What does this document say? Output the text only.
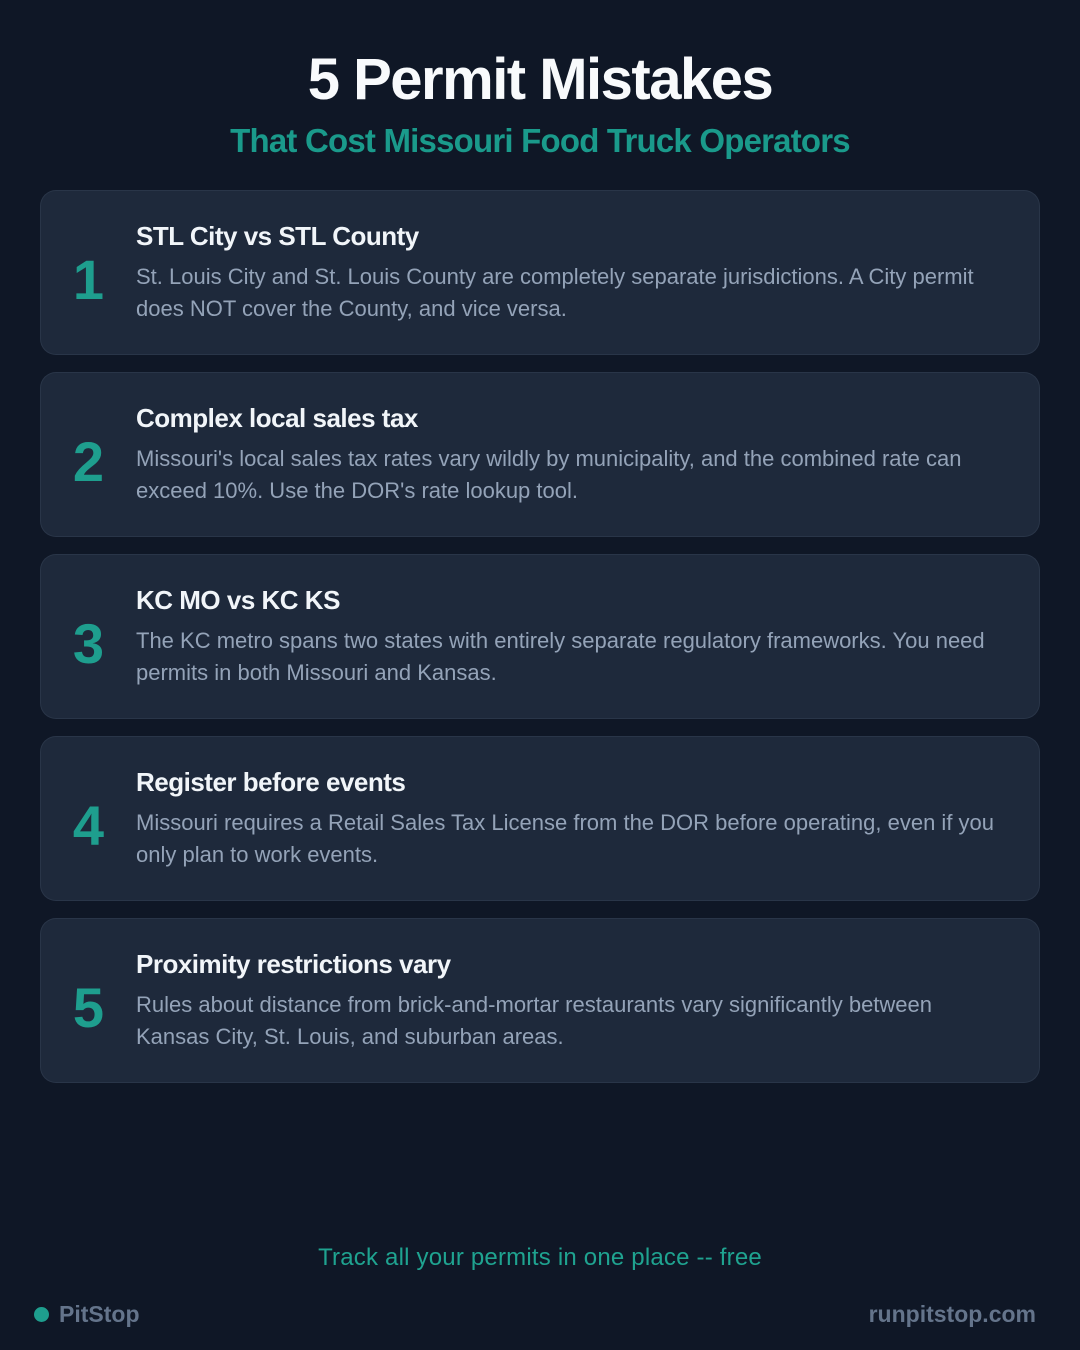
5 Permit Mistakes
That Cost Missouri Food Truck Operators
1
STL City vs STL County

St. Louis City and St. Louis County are completely separate jurisdictions. A City permit does NOT cover the County, and vice versa.

2
Complex local sales tax

Missouri's local sales tax rates vary wildly by municipality, and the combined rate can exceed 10%. Use the DOR's rate lookup tool.

3
KC MO vs KC KS

The KC metro spans two states with entirely separate regulatory frameworks. You need permits in both Missouri and Kansas.

4
Register before events

Missouri requires a Retail Sales Tax License from the DOR before operating, even if you only plan to work events.

5
Proximity restrictions vary

Rules about distance from brick-and-mortar restaurants vary significantly between Kansas City, St. Louis, and suburban areas.

Track all your permits in one place -- free
PitStop	runpitstop.com
